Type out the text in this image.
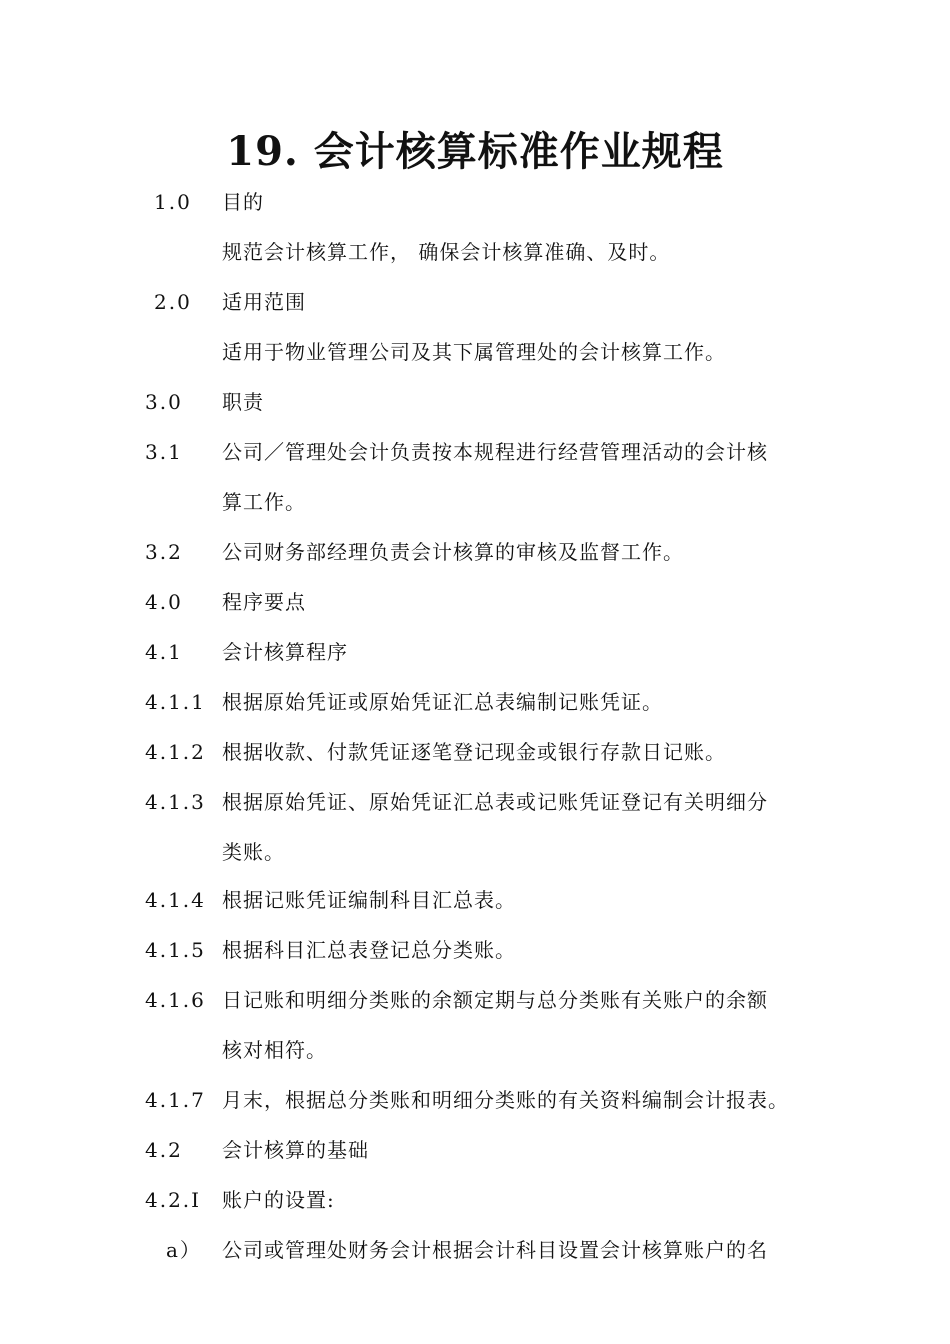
19. 会计核算标准作业规程
1.0 目的
规范会计核算工作， 确保会计核算准确、及时。
2.0 适用范围
适用于物业管理公司及其下属管理处的会计核算工作。
3.0 职责
3.1 公司／管理处会计负责按本规程进行经营管理活动的会计核
算工作。
3.2 公司财务部经理负责会计核算的审核及监督工作。
4.0 程序要点
4.1 会计核算程序
4.1.1 根据原始凭证或原始凭证汇总表编制记账凭证。
4.1.2 根据收款、付款凭证逐笔登记现金或银行存款日记账。
4.1.3 根据原始凭证、原始凭证汇总表或记账凭证登记有关明细分
类账。
4.1.4 根据记账凭证编制科目汇总表。
4.1.5 根据科目汇总表登记总分类账。
4.1.6 日记账和明细分类账的余额定期与总分类账有关账户的余额
核对相符。
4.1.7 月末，根据总分类账和明细分类账的有关资料编制会计报表。
4.2 会计核算的基础
4.2.I 账户的设置:
a） 公司或管理处财务会计根据会计科目设置会计核算账户的名
